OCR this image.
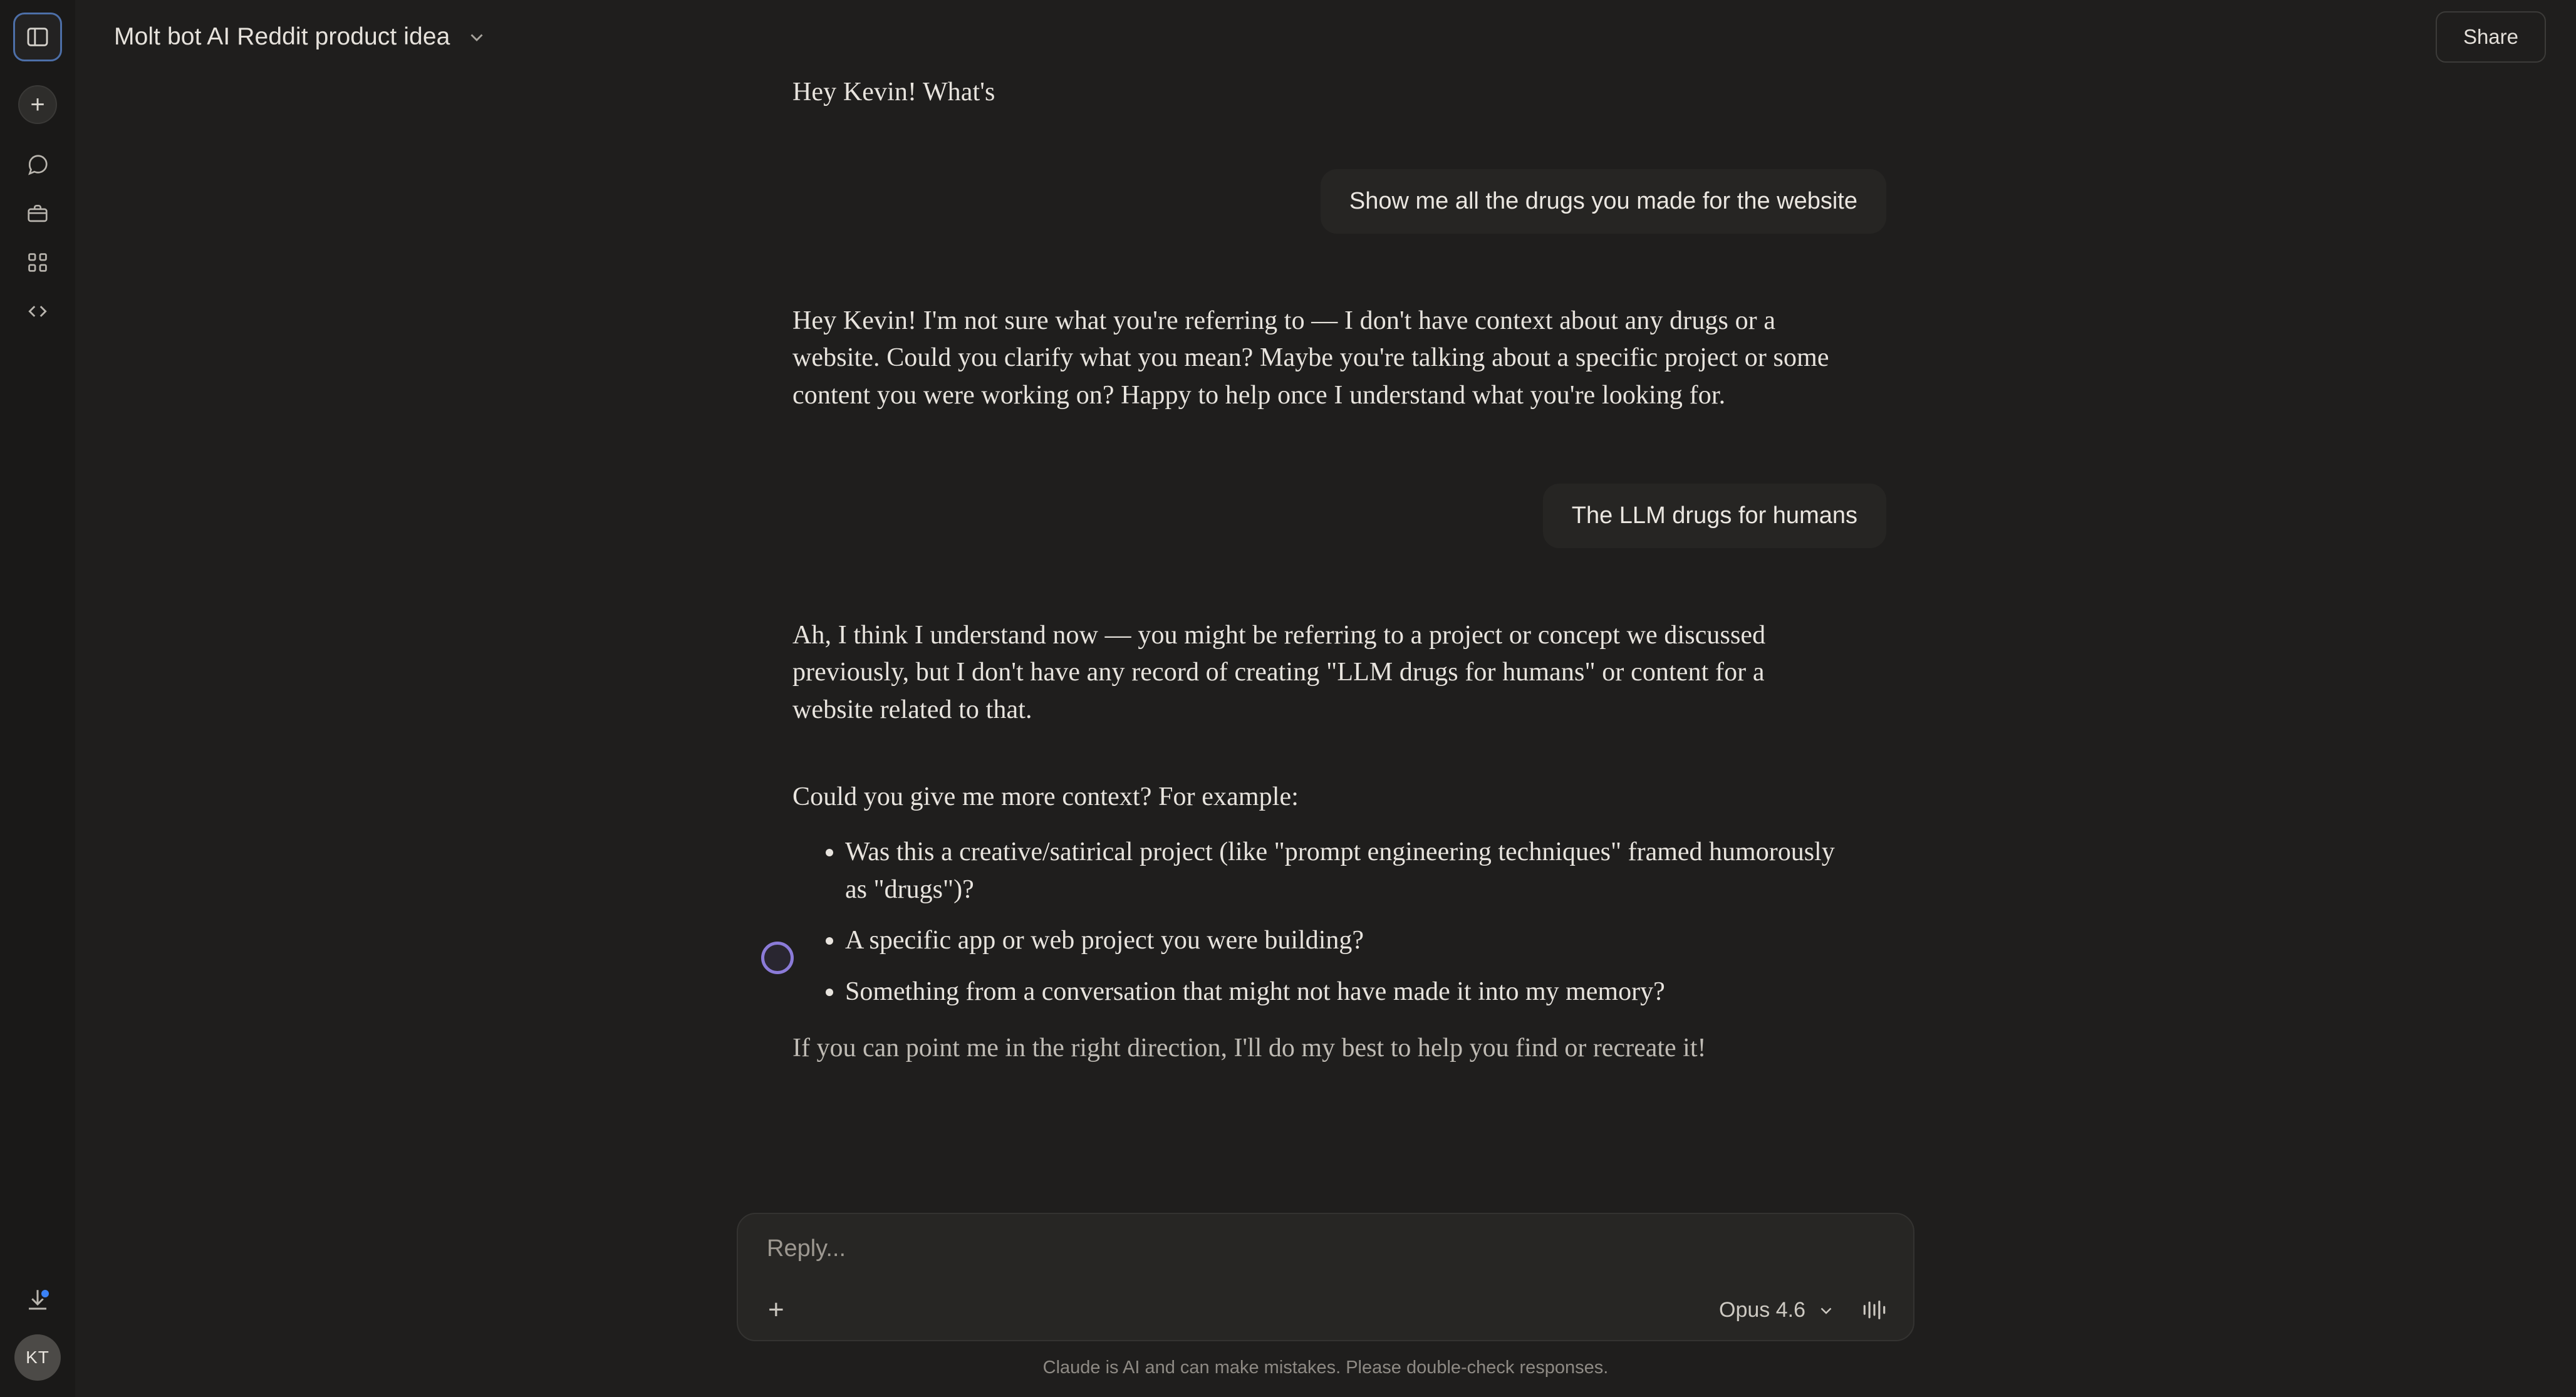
+
KT
Molt bot AI Reddit product idea	Share
Hey Kevin! What's
Show me all the drugs you made for the website
Hey Kevin! I'm not sure what you're referring to — I don't have context about any drugs or a website. Could you clarify what you mean? Maybe you're talking about a specific project or some content you were working on? Happy to help once I understand what you're looking for.
The LLM drugs for humans
Ah, I think I understand now — you might be referring to a project or concept we discussed previously, but I don't have any record of creating "LLM drugs for humans" or content for a website related to that.
Could you give me more context? For example:
• Was this a creative/satirical project (like "prompt engineering techniques" framed humorously as "drugs")?
• A specific app or web project you were building?
• Something from a conversation that might not have made it into my memory?
If you can point me in the right direction, I'll do my best to help you find or recreate it!
Reply...
+	Opus 4.6
Claude is AI and can make mistakes. Please double-check responses.
